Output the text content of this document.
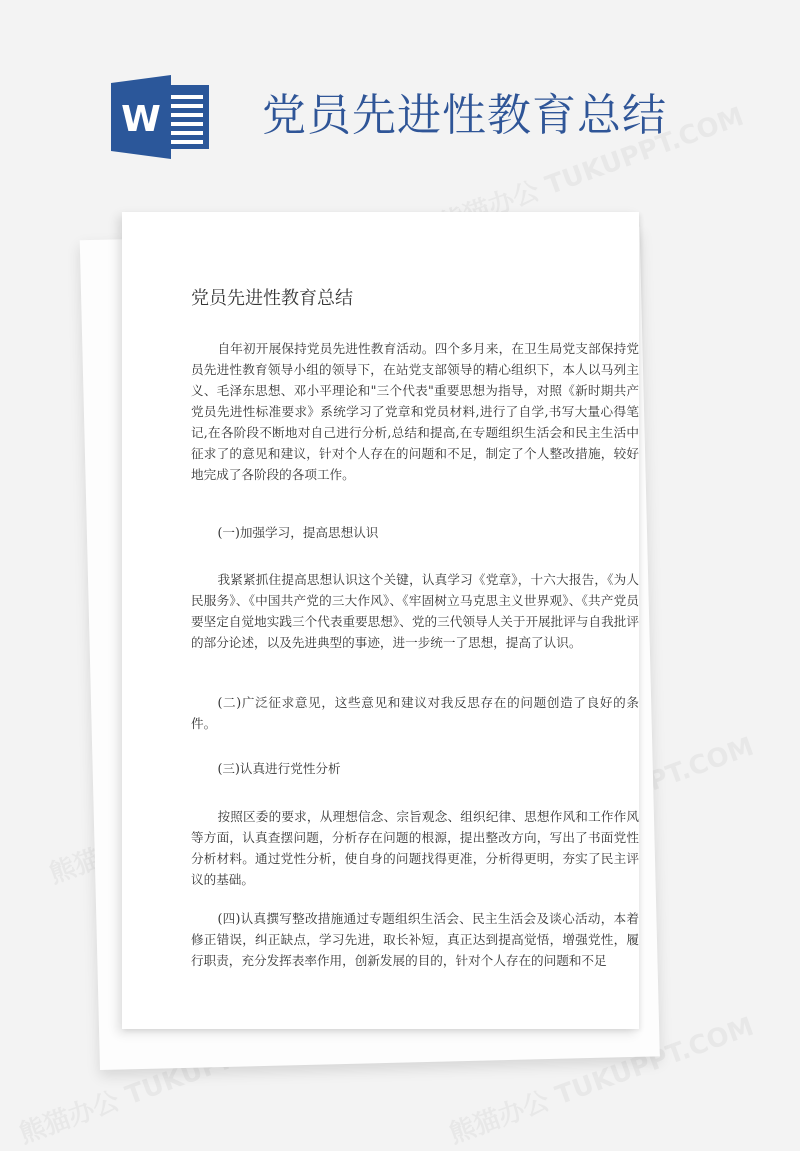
W 党员先进性教育总结
党员先进性教育总结

自年初开展保持党员先进性教育活动。四个多月来，在卫生局党支部保持党员先进性教育领导小组的领导下，在站党支部领导的精心组织下，本人以马列主义、毛泽东思想、邓小平理论和"三个代表"重要思想为指导，对照《新时期共产党员先进性标准要求》系统学习了党章和党员材料,进行了自学,书写大量心得笔记,在各阶段不断地对自己进行分析,总结和提高,在专题组织生活会和民主生活中征求了的意见和建议，针对个人存在的问题和不足，制定了个人整改措施，较好地完成了各阶段的各项工作。

(一)加强学习，提高思想认识

我紧紧抓住提高思想认识这个关键，认真学习《党章》，十六大报告，《为人民服务》、《中国共产党的三大作风》、《牢固树立马克思主义世界观》、《共产党员要坚定自觉地实践三个代表重要思想》、党的三代领导人关于开展批评与自我批评的部分论述，以及先进典型的事迹，进一步统一了思想，提高了认识。

(二)广泛征求意见，这些意见和建议对我反思存在的问题创造了良好的条件。

(三)认真进行党性分析

按照区委的要求，从理想信念、宗旨观念、组织纪律、思想作风和工作作风等方面，认真查摆问题，分析存在问题的根源，提出整改方向，写出了书面党性分析材料。通过党性分析，使自身的问题找得更准，分析得更明，夯实了民主评议的基础。

(四)认真撰写整改措施通过专题组织生活会、民主生活会及谈心活动，本着修正错误，纠正缺点，学习先进，取长补短，真正达到提高觉悟，增强党性，履行职责，充分发挥表率作用，创新发展的目的，针对个人存在的问题和不足
